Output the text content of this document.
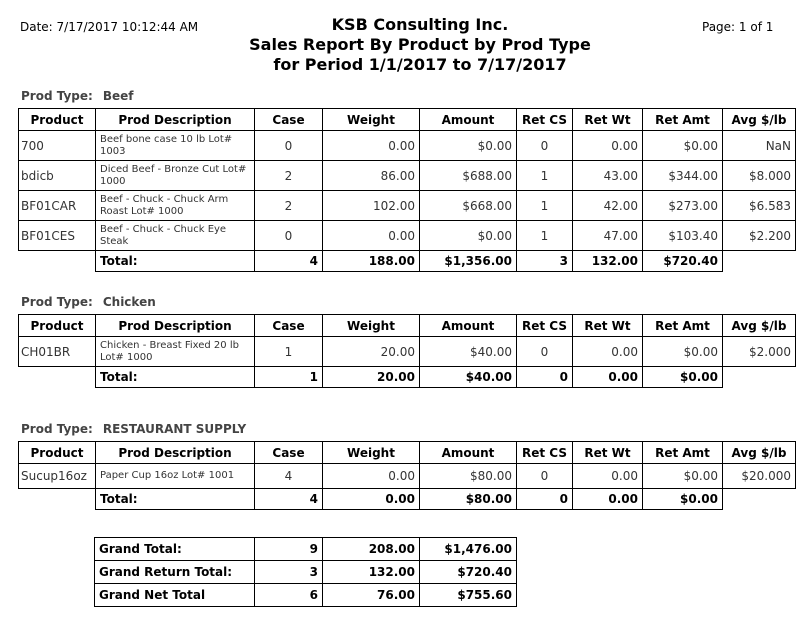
Date: 7/17/2017 10:12:44 AM	Page: 1 of 1
KSB Consulting Inc.
Sales Report By Product by Prod Type
for Period 1/1/2017 to 7/17/2017
Prod Type: Beef
Product	Prod Description	Case	Weight	Amount	Ret CS	Ret Wt	Ret Amt	Avg $/lb
700	Beef bone case 10 lb Lot# 1003	0	0.00	$0.00	0	0.00	$0.00	NaN
bdicb	Diced Beef - Bronze Cut Lot# 1000	2	86.00	$688.00	1	43.00	$344.00	$8.000
BF01CAR	Beef - Chuck - Chuck Arm Roast Lot# 1000	2	102.00	$668.00	1	42.00	$273.00	$6.583
BF01CES	Beef - Chuck - Chuck Eye Steak	0	0.00	$0.00	1	47.00	$103.40	$2.200
	Total:	4	188.00	$1,356.00	3	132.00	$720.40	
Prod Type: Chicken
Product	Prod Description	Case	Weight	Amount	Ret CS	Ret Wt	Ret Amt	Avg $/lb
CH01BR	Chicken - Breast Fixed 20 lb Lot# 1000	1	20.00	$40.00	0	0.00	$0.00	$2.000
	Total:	1	20.00	$40.00	0	0.00	$0.00	
Prod Type: RESTAURANT SUPPLY
Product	Prod Description	Case	Weight	Amount	Ret CS	Ret Wt	Ret Amt	Avg $/lb
Sucup16oz	Paper Cup 16oz Lot# 1001	4	0.00	$80.00	0	0.00	$0.00	$20.000
	Total:	4	0.00	$80.00	0	0.00	$0.00	
Grand Total:	9	208.00	$1,476.00
Grand Return Total:	3	132.00	$720.40
Grand Net Total	6	76.00	$755.60
